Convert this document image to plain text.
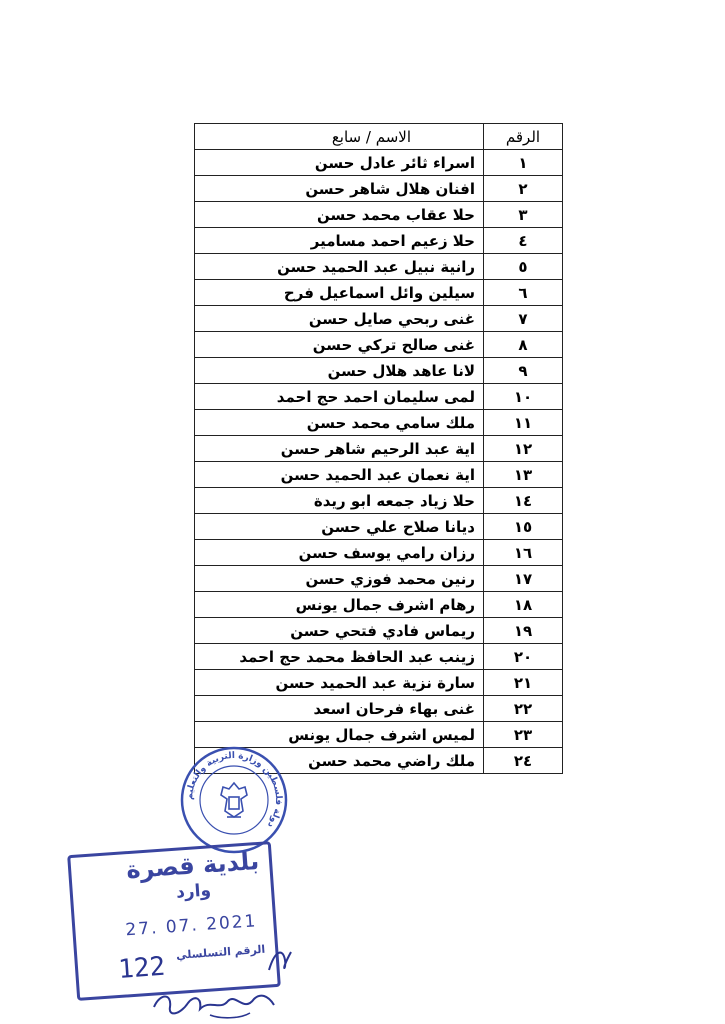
الرقم	الاسم / سابع
١	اسراء ثائر عادل حسن
٢	افنان هلال شاهر حسن
٣	حلا عقاب محمد حسن
٤	حلا زعيم احمد مسامير
٥	رانية نبيل عبد الحميد حسن
٦	سيلين وائل اسماعيل فرح
٧	غنى ربحي صايل حسن
٨	غنى صالح تركي حسن
٩	لانا عاهد هلال حسن
١٠	لمى سليمان احمد حج احمد
١١	ملك سامي محمد حسن
١٢	اية عبد الرحيم شاهر حسن
١٣	اية نعمان عبد الحميد حسن
١٤	حلا زياد جمعه ابو ريدة
١٥	ديانا صلاح علي حسن
١٦	رزان رامي يوسف حسن
١٧	رنين محمد فوزي حسن
١٨	رهام اشرف جمال يونس
١٩	ريماس فادي فتحي حسن
٢٠	زينب عبد الحافظ محمد حج احمد
٢١	سارة نزية عبد الحميد حسن
٢٢	غنى بهاء فرحان اسعد
٢٣	لميس اشرف جمال يونس
٢٤	ملك راضي محمد حسن
دولة فلسطين وزارة التربية والتعليم
بلدية قصرة
وارد
27. 07. 2021
الرقم التسلسلي
122
